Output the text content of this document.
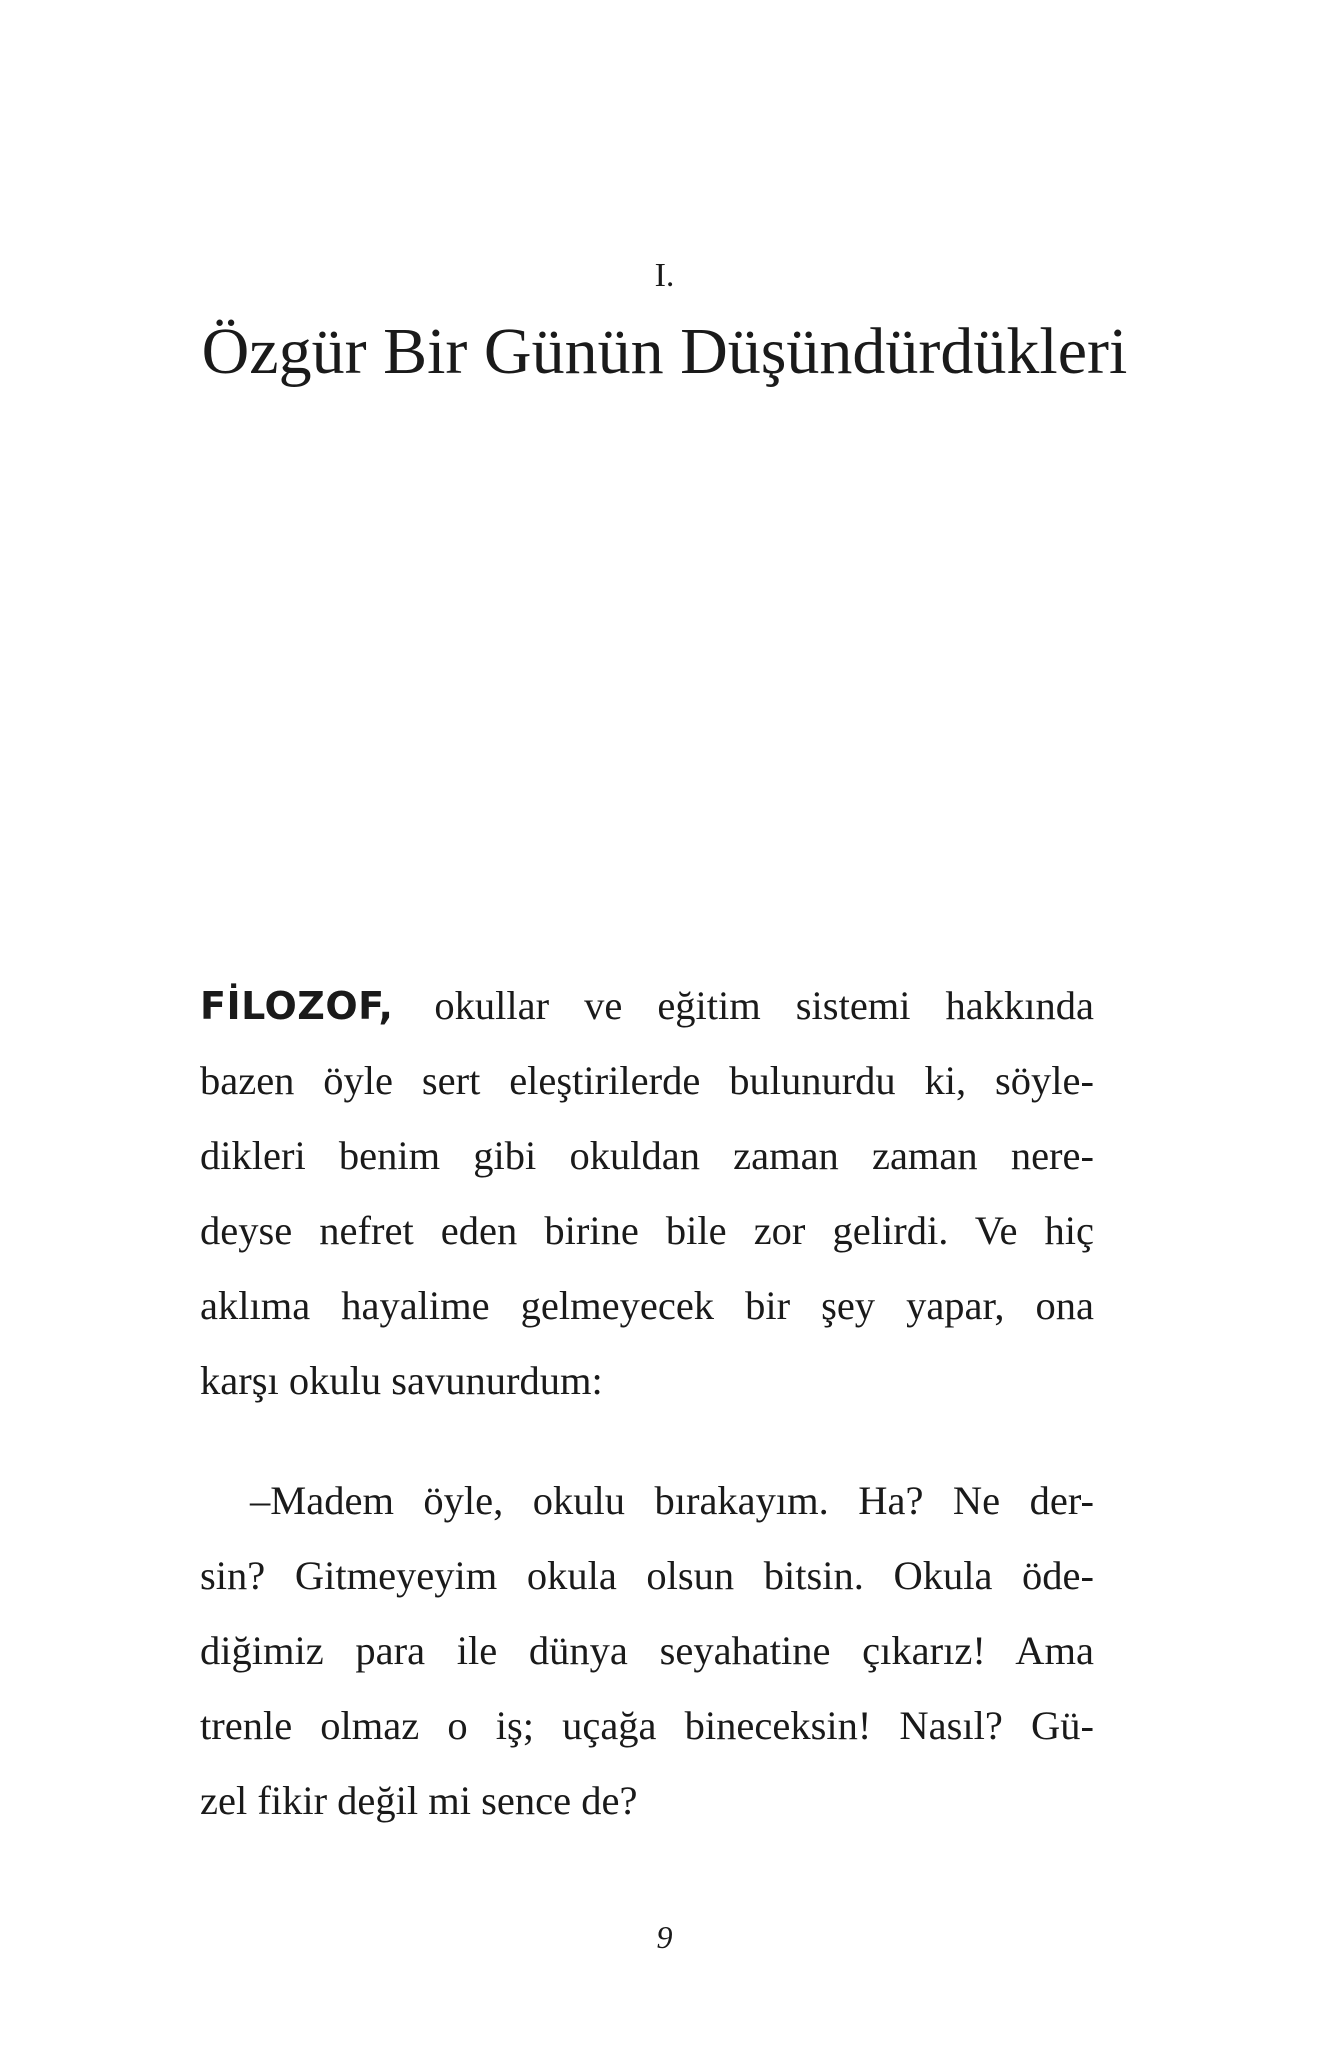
I.
Özgür Bir Günün Düşündürdükleri
FİLOZOF, okullar ve eğitim sistemi hakkında
bazen öyle sert eleştirilerde bulunurdu ki, söyle-
dikleri benim gibi okuldan zaman zaman nere-
deyse nefret eden birine bile zor gelirdi. Ve hiç
aklıma hayalime gelmeyecek bir şey yapar, ona
karşı okulu savunurdum:
–Madem öyle, okulu bırakayım. Ha? Ne der-
sin? Gitmeyeyim okula olsun bitsin. Okula öde-
diğimiz para ile dünya seyahatine çıkarız! Ama
trenle olmaz o iş; uçağa bineceksin! Nasıl? Gü-
zel fikir değil mi sence de?
9
